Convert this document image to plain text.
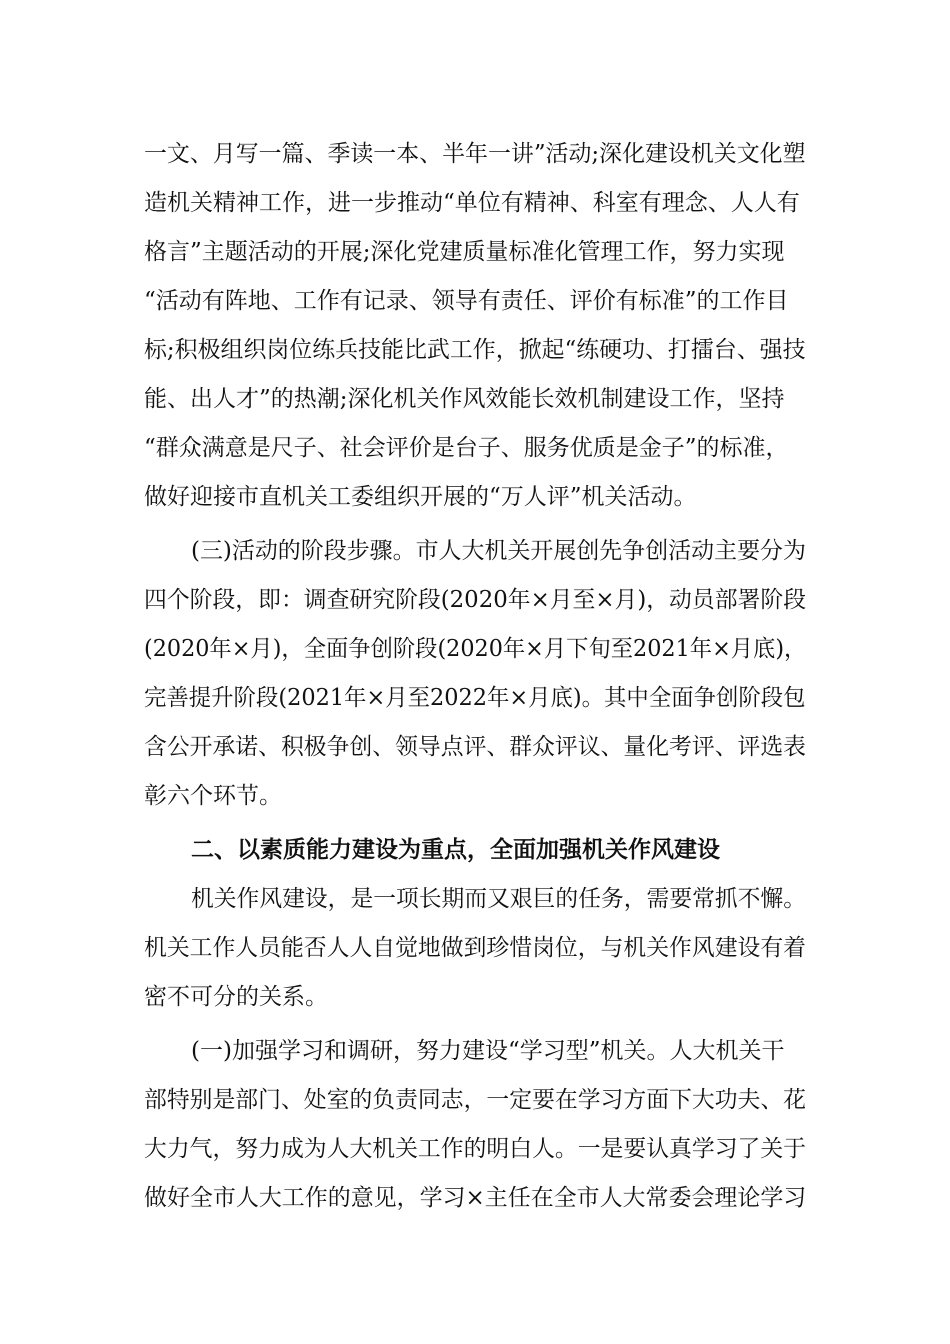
一文、月写一篇、季读一本、半年一讲”活动;深化建设机关文化塑
造机关精神工作，进一步推动“单位有精神、科室有理念、人人有
格言”主题活动的开展;深化党建质量标准化管理工作，努力实现
“活动有阵地、工作有记录、领导有责任、评价有标准”的工作目
标;积极组织岗位练兵技能比武工作，掀起“练硬功、打擂台、强技
能、出人才”的热潮;深化机关作风效能长效机制建设工作，坚持
“群众满意是尺子、社会评价是台子、服务优质是金子”的标准，
做好迎接市直机关工委组织开展的“万人评”机关活动。
(三)活动的阶段步骤。市人大机关开展创先争创活动主要分为
四个阶段，即：调查研究阶段(2020年×月至×月)，动员部署阶段
(2020年×月)，全面争创阶段(2020年×月下旬至2021年×月底)，
完善提升阶段(2021年×月至2022年×月底)。其中全面争创阶段包
含公开承诺、积极争创、领导点评、群众评议、量化考评、评选表
彰六个环节。
二、以素质能力建设为重点，全面加强机关作风建设
机关作风建设，是一项长期而又艰巨的任务，需要常抓不懈。
机关工作人员能否人人自觉地做到珍惜岗位，与机关作风建设有着
密不可分的关系。
(一)加强学习和调研，努力建设“学习型”机关。人大机关干
部特别是部门、处室的负责同志，一定要在学习方面下大功夫、花
大力气，努力成为人大机关工作的明白人。一是要认真学习了关于
做好全市人大工作的意见，学习×主任在全市人大常委会理论学习
